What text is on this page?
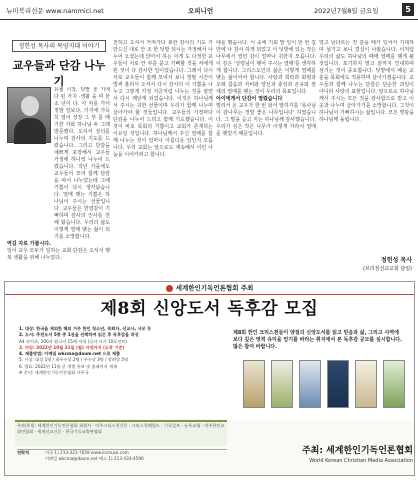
뉴미북리선문 www.nammici.net	오피니언	2022년7월8일 금요일	5
정헌성 목사의 목양지대 이야기
교우들과 단감 나누기
유월 시작, 텃밭 울 기에 다 된 가지 ·생활 을 며 한 소 년이 다. 아 차를 가서 정말 일보다, 가지에 가득히 열어 성장 그 부 를 때기한 자와 하나님 두 그래 방문했다. 오셔서 상의를 나누며 감사의 기도를 드렸습니다. 그리고 단감을 예쁘게 포장해서 교우들 가정에 하나씩 나누어 드렸습니다. 작년 가을에도 교우들이 모여 함께 단감을 따서 나누었는데 그때 기쁨이 다시 생각났습니다. 열매 맺는 기쁨은 하나님이 주시는 선물입니다. 교우들은 한결같이 기뻐하며 감사의 인사를 전해 왔습니다. 우리의 삶도 이렇게 열매 맺는 삶이 되기를 소망합니다.
역길 자로 가봅시다.
일이 교우 모두가 일하는 교회 단감은 오셔서 행복 생활을 위해 나누었다.
전하고 오셔서 가져가다 봉한 감사의 기도 가 만드신 대로 안 조 한 텃밭 되시는 가정해서 나누어 오셨는데 앉아서 하는 이게 도 다정한 교우들이 서로 안 부를 묻고 기뻐할 것을 저에게 된 것이 다 감사한 일이었습니다. 그래서 다시 서로 교우들이 함께 모여서 보니 정말 시간이 벌써 흘러서 오셔서 다시 감사의 이 기쁨을 나누고 그렇게 가정 지금처럼 나누는 것을 알면서 다시 깨닫게 되었습니다. 이것은 하나님께서 주시는 귀한 선물이며 우리가 함께 나누며 살아가야 할 것들입니다. 교우들의 가정마다 단감을 나누어 드리고 함께 기도했습니다. 이것이 바로 목회의 기쁨이고 교회가 존재하는 이유일 것입니다. 하나님께서 주신 열매를 함께 나누는 것이 얼마나 아름다운 일인지 모릅니다. 우리 교회는 앞으로도 계속해서 이런 나눔을 이어가려고 합니다.
대를 했습니다. 이 중에 기회 밭 일이 한 번 집 만에 나 감사 하게 되었고 이 텃밭에 있는 작은 나무에서 열린 감이 얼마나 귀한지 모릅니다. 이 감은 '성령님이 맺어 주시는 열매'를 생각하게 합니다. 그리스도인의 삶은 이렇게 열매를 맺는 삶이어야 합니다. 사랑과 희락과 화평과 오래 참음과 자비와 양선과 충성과 온유와 절제의 열매를 맺는 것이 우리의 목표입니다.
아이에게서 단감이 열렸습니다
멀리서 온 교우가 한 번 와서 말하기를 '목사님 이 감나무는 정말 좋은 나무입니다' 하였습니다. 그 말을 듣고 저는 하나님께 감사했습니다. 우리가 심은 작은 나무가 이렇게 자라서 열매를 맺었기 때문입니다.
열고 남다르는 것 같을 때가 있어서 기대하며 섬기고 보니 결실이 나왔습니다. 이처럼 우리의 삶도 하나님의 때에 열매를 맺게 될 것입니다. 포기하지 말고 끝까지 인내하며 섬기는 것이 중요합니다. 텃밭에서 배운 교훈을 목회에도 적용하며 살아가겠습니다. 교우들과 함께 나누는 단감은 단순한 과일이 아니라 사랑의 표현입니다. 앞으로도 하나님께서 주시는 모든 것을 감사함으로 받고 이웃과 나누며 살아가기를 소망합니다. 그것이 하나님이 기뻐하시는 삶입니다. 모든 영광을 하나님께 돌립니다.
정헌성 목사
(브리짐선교교회 담임)
세계한인기독언론협회 주최
제8회 신앙도서 독후감 모집
1. 대상: 한국을 제외한 해외 거주 한인 청소년, 목회자, 선교사, 사모 등
2. 도서: 추천도서 5종 중 1권을 선택하여 읽은 후 독후감을 작성
A4 사이즈, 200자 원고지 15매 이내 (글자 크기 10포인트)
3. 마감: 2022년 10월 31일 (월) 자정까지 (도착 기준)
4. 제출방법: 이메일 wkcma@daum.net 으로 제출
5. 시상: 대상 1명 / 최우수상 2명 / 우수상 3명 / 장려상 5명
6. 발표: 2022년 11월 중 개별 통보 및 홈페이지 게재
※ 문의: 세계한인기독언론협회 사무국
제8회 한인 크리스천들이 양질의 신앙도서를 읽고 믿음과 삶, 그리고 사역에 보다 깊은 영적 유익을 얻기를 바라는 취지에서 본 독후감 공모를 실시합니다. 많은 참여 바랍니다.
주관/후원: 세계한인기독언론협회 회원사 · 미주크리스천신문 · 크리스천헤럴드 · 기독일보 · 뉴욕교협 · 미주한인교회연합회 · 세계선교신문 · 한국기독교출판협회
연락처	미국 1) 213-321-7659 www.kcmusa.com
이메일 wkcma@daum.net 팩스 1) 213-433-4590
주최: 세계한인기독언론협회
World Korean Christian Media Association
